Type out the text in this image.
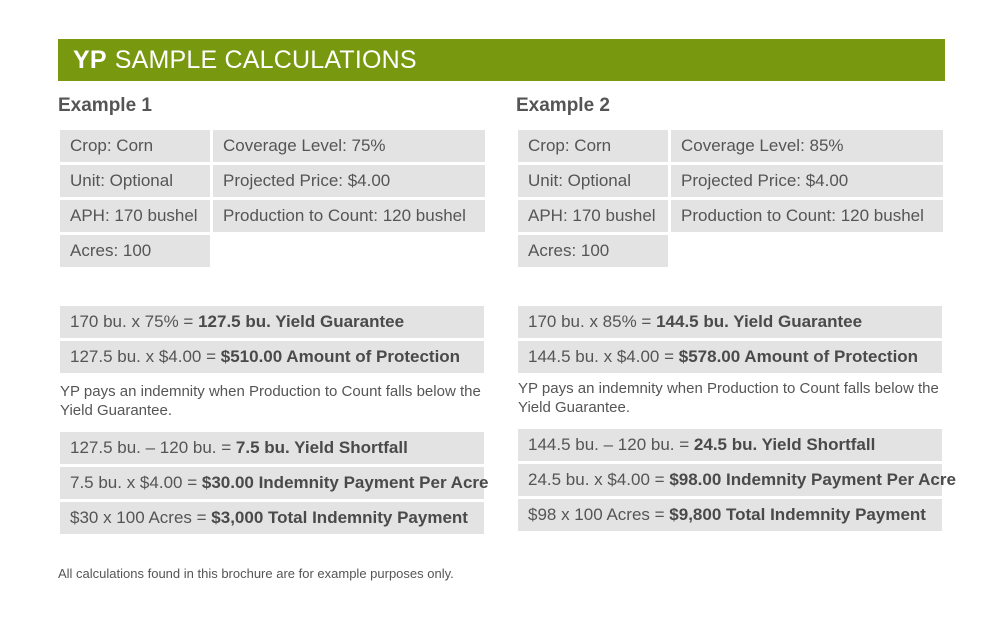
YP SAMPLE CALCULATIONS
Example 1
Crop: Corn	Coverage Level: 75%
Unit: Optional	Projected Price: $4.00
APH: 170 bushel	Production to Count: 120 bushel
Acres: 100
170 bu. x 75% = 127.5 bu. Yield Guarantee
127.5 bu. x $4.00 = $510.00 Amount of Protection
YP pays an indemnity when Production to Count falls below the Yield Guarantee.
127.5 bu. – 120 bu. = 7.5 bu. Yield Shortfall
7.5 bu. x $4.00 = $30.00 Indemnity Payment Per Acre
$30 x 100 Acres = $3,000 Total Indemnity Payment
Example 2
Crop: Corn	Coverage Level: 85%
Unit: Optional	Projected Price: $4.00
APH: 170 bushel	Production to Count: 120 bushel
Acres: 100
170 bu. x 85% = 144.5 bu. Yield Guarantee
144.5 bu. x $4.00 = $578.00 Amount of Protection
YP pays an indemnity when Production to Count falls below the Yield Guarantee.
144.5 bu. – 120 bu. = 24.5 bu. Yield Shortfall
24.5 bu. x $4.00 = $98.00 Indemnity Payment Per Acre
$98 x 100 Acres = $9,800 Total Indemnity Payment
All calculations found in this brochure are for example purposes only.
